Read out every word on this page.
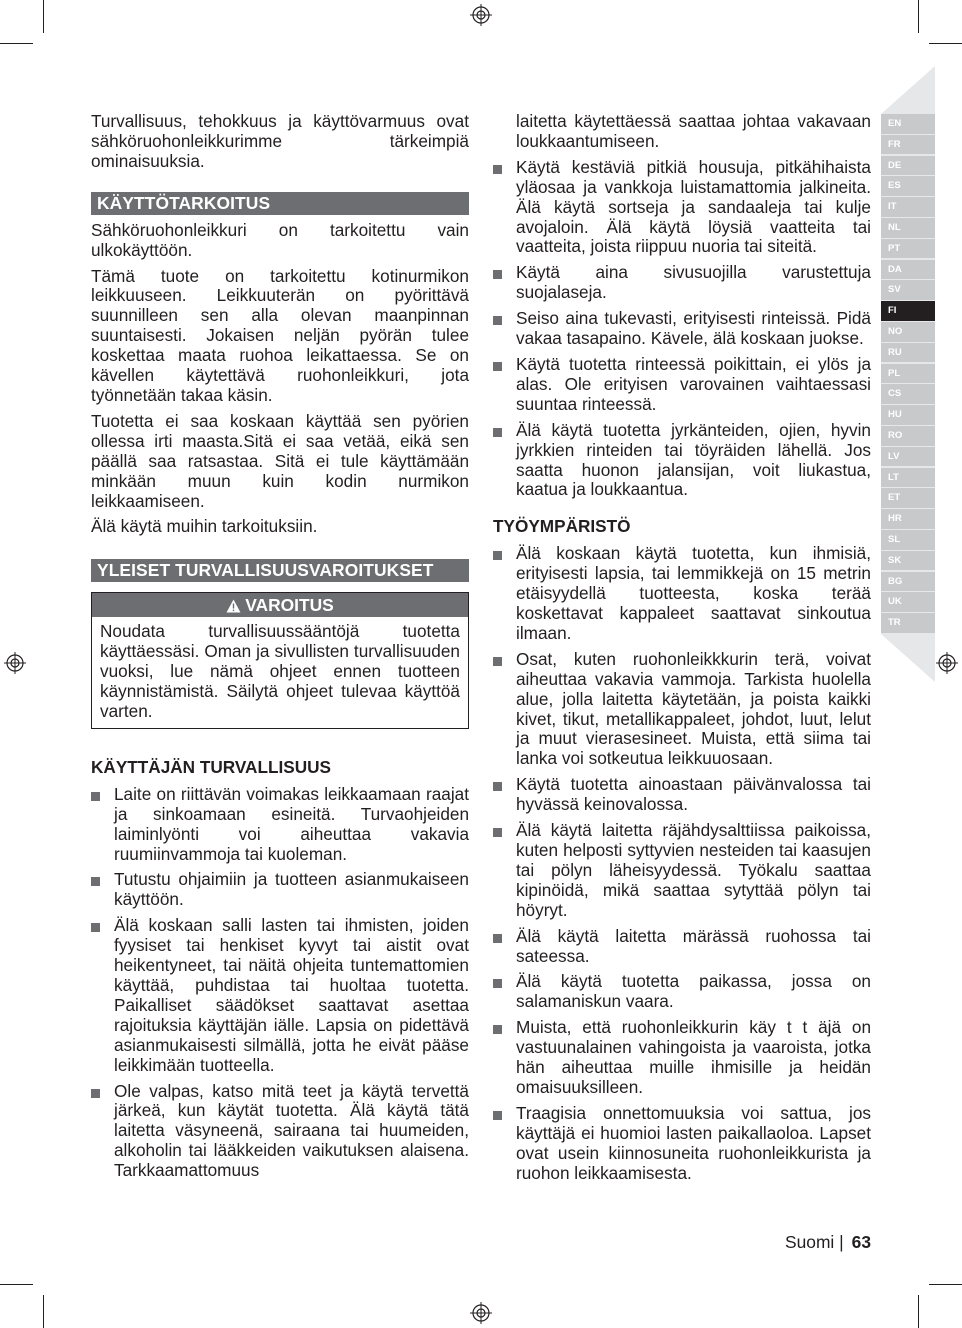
Turvallisuus, tehokkuus ja käyttövarmuus ovat sähköruohonleikkurimme tärkeimpiä ominaisuuksia.

KÄYTTÖTARKOITUS

Sähköruohonleikkuri on tarkoitettu vain ulkokäyttöön.

Tämä tuote on tarkoitettu kotinurmikon leikkuuseen. Leikkuuterän on pyörittävä suunnilleen sen alla olevan maanpinnan suuntaisesti. Jokaisen neljän pyörän tulee koskettaa maata ruohoa leikattaessa. Se on kävellen käytettävä ruohonleikkuri, jota työnnetään takaa käsin.

Tuotetta ei saa koskaan käyttää sen pyörien ollessa irti maasta.Sitä ei saa vetää, eikä sen päällä saa ratsastaa. Sitä ei tule käyttämään minkään muun kuin kodin nurmikon leikkaamiseen.

Älä käytä muihin tarkoituksiin.

YLEISET TURVALLISUUSVAROITUKSET
VAROITUS
Noudata turvallisuussääntöjä tuotetta käyttäessäsi. Oman ja sivullisten turvallisuuden vuoksi, lue nämä ohjeet ennen tuotteen käynnistämistä. Säilytä ohjeet tulevaa käyttöä varten.
KÄYTTÄJÄN TURVALLISUUS
Laite on riittävän voimakas leikkaamaan raajat ja sinkoamaan esineitä. Turvaohjeiden laiminlyönti voi aiheuttaa vakavia ruumiinvammoja tai kuoleman.
Tutustu ohjaimiin ja tuotteen asianmukaiseen käyttöön.
Älä koskaan salli lasten tai ihmisten, joiden fyysiset tai henkiset kyvyt tai aistit ovat heikentyneet, tai näitä ohjeita tuntemattomien käyttää, puhdistaa tai huoltaa tuotetta. Paikalliset säädökset saattavat asettaa rajoituksia käyttäjän iälle. Lapsia on pidettävä asianmukaisesti silmällä, jotta he eivät pääse leikkimään tuotteella.
Ole valpas, katso mitä teet ja käytä tervettä järkeä, kun käytät tuotetta. Älä käytä tätä laitetta väsyneenä, sairaana tai huumeiden, alkoholin tai lääkkeiden vaikutuksen alaisena. Tarkkaamattomuus

laitetta käytettäessä saattaa johtaa vakavaan loukkaantumiseen.

Käytä kestäviä pitkiä housuja, pitkähihaista yläosaa ja vankkoja luistamattomia jalkineita. Älä käytä sortseja ja sandaaleja tai kulje avojaloin. Älä käytä löysiä vaatteita tai vaatteita, joista riippuu nuoria tai siteitä.
Käytä aina sivusuojilla varustettuja suojalaseja.
Seiso aina tukevasti, erityisesti rinteissä. Pidä vakaa tasapaino. Kävele, älä koskaan juokse.
Käytä tuotetta rinteessä poikittain, ei ylös ja alas. Ole erityisen varovainen vaihtaessasi suuntaa rinteessä.
Älä käytä tuotetta jyrkänteiden, ojien, hyvin jyrkkien rinteiden tai töyräiden lähellä. Jos saatta huonon jalansijan, voit liukastua, kaatua ja loukkaantua.
TYÖYMPÄRISTÖ
Älä koskaan käytä tuotetta, kun ihmisiä, erityisesti lapsia, tai lemmikkejä on 15 metrin etäisyydellä tuotteesta, koska terää koskettavat kappaleet saattavat sinkoutua ilmaan.
Osat, kuten ruohonleikkkurin terä, voivat aiheuttaa vakavia vammoja. Tarkista huolella alue, jolla laitetta käytetään, ja poista kaikki kivet, tikut, metallikappaleet, johdot, luut, lelut ja muut vierasesineet. Muista, että siima tai lanka voi sotkeutua leikkuuosaan.
Käytä tuotetta ainoastaan päivänvalossa tai hyvässä keinovalossa.
Älä käytä laitetta räjähdysalttiissa paikoissa, kuten helposti syttyvien nesteiden tai kaasujen tai pölyn läheisyydessä. Työkalu saattaa kipinöidä, mikä saattaa sytyttää pölyn tai höyryt.
Älä käytä laitetta märässä ruohossa tai sateessa.
Älä käytä tuotetta paikassa, jossa on salamaniskun vaara.
Muista, että ruohonleikkurin käy t t äjä on vastuunalainen vahingoista ja vaaroista, jotka hän aiheuttaa muille ihmisille ja heidän omaisuuksilleen.
Traagisia onnettomuuksia voi sattua, jos käyttäjä ei huomioi lasten paikallaoloa. Lapset ovat usein kiinnosuneita ruohonleikkurista ja ruohon leikkaamisesta.
EN
FR
DE
ES
IT
NL
PT
DA
SV
FI
NO
RU
PL
CS
HU
RO
LV
LT
ET
HR
SL
SK
BG
UK
TR
Suomi | 63
